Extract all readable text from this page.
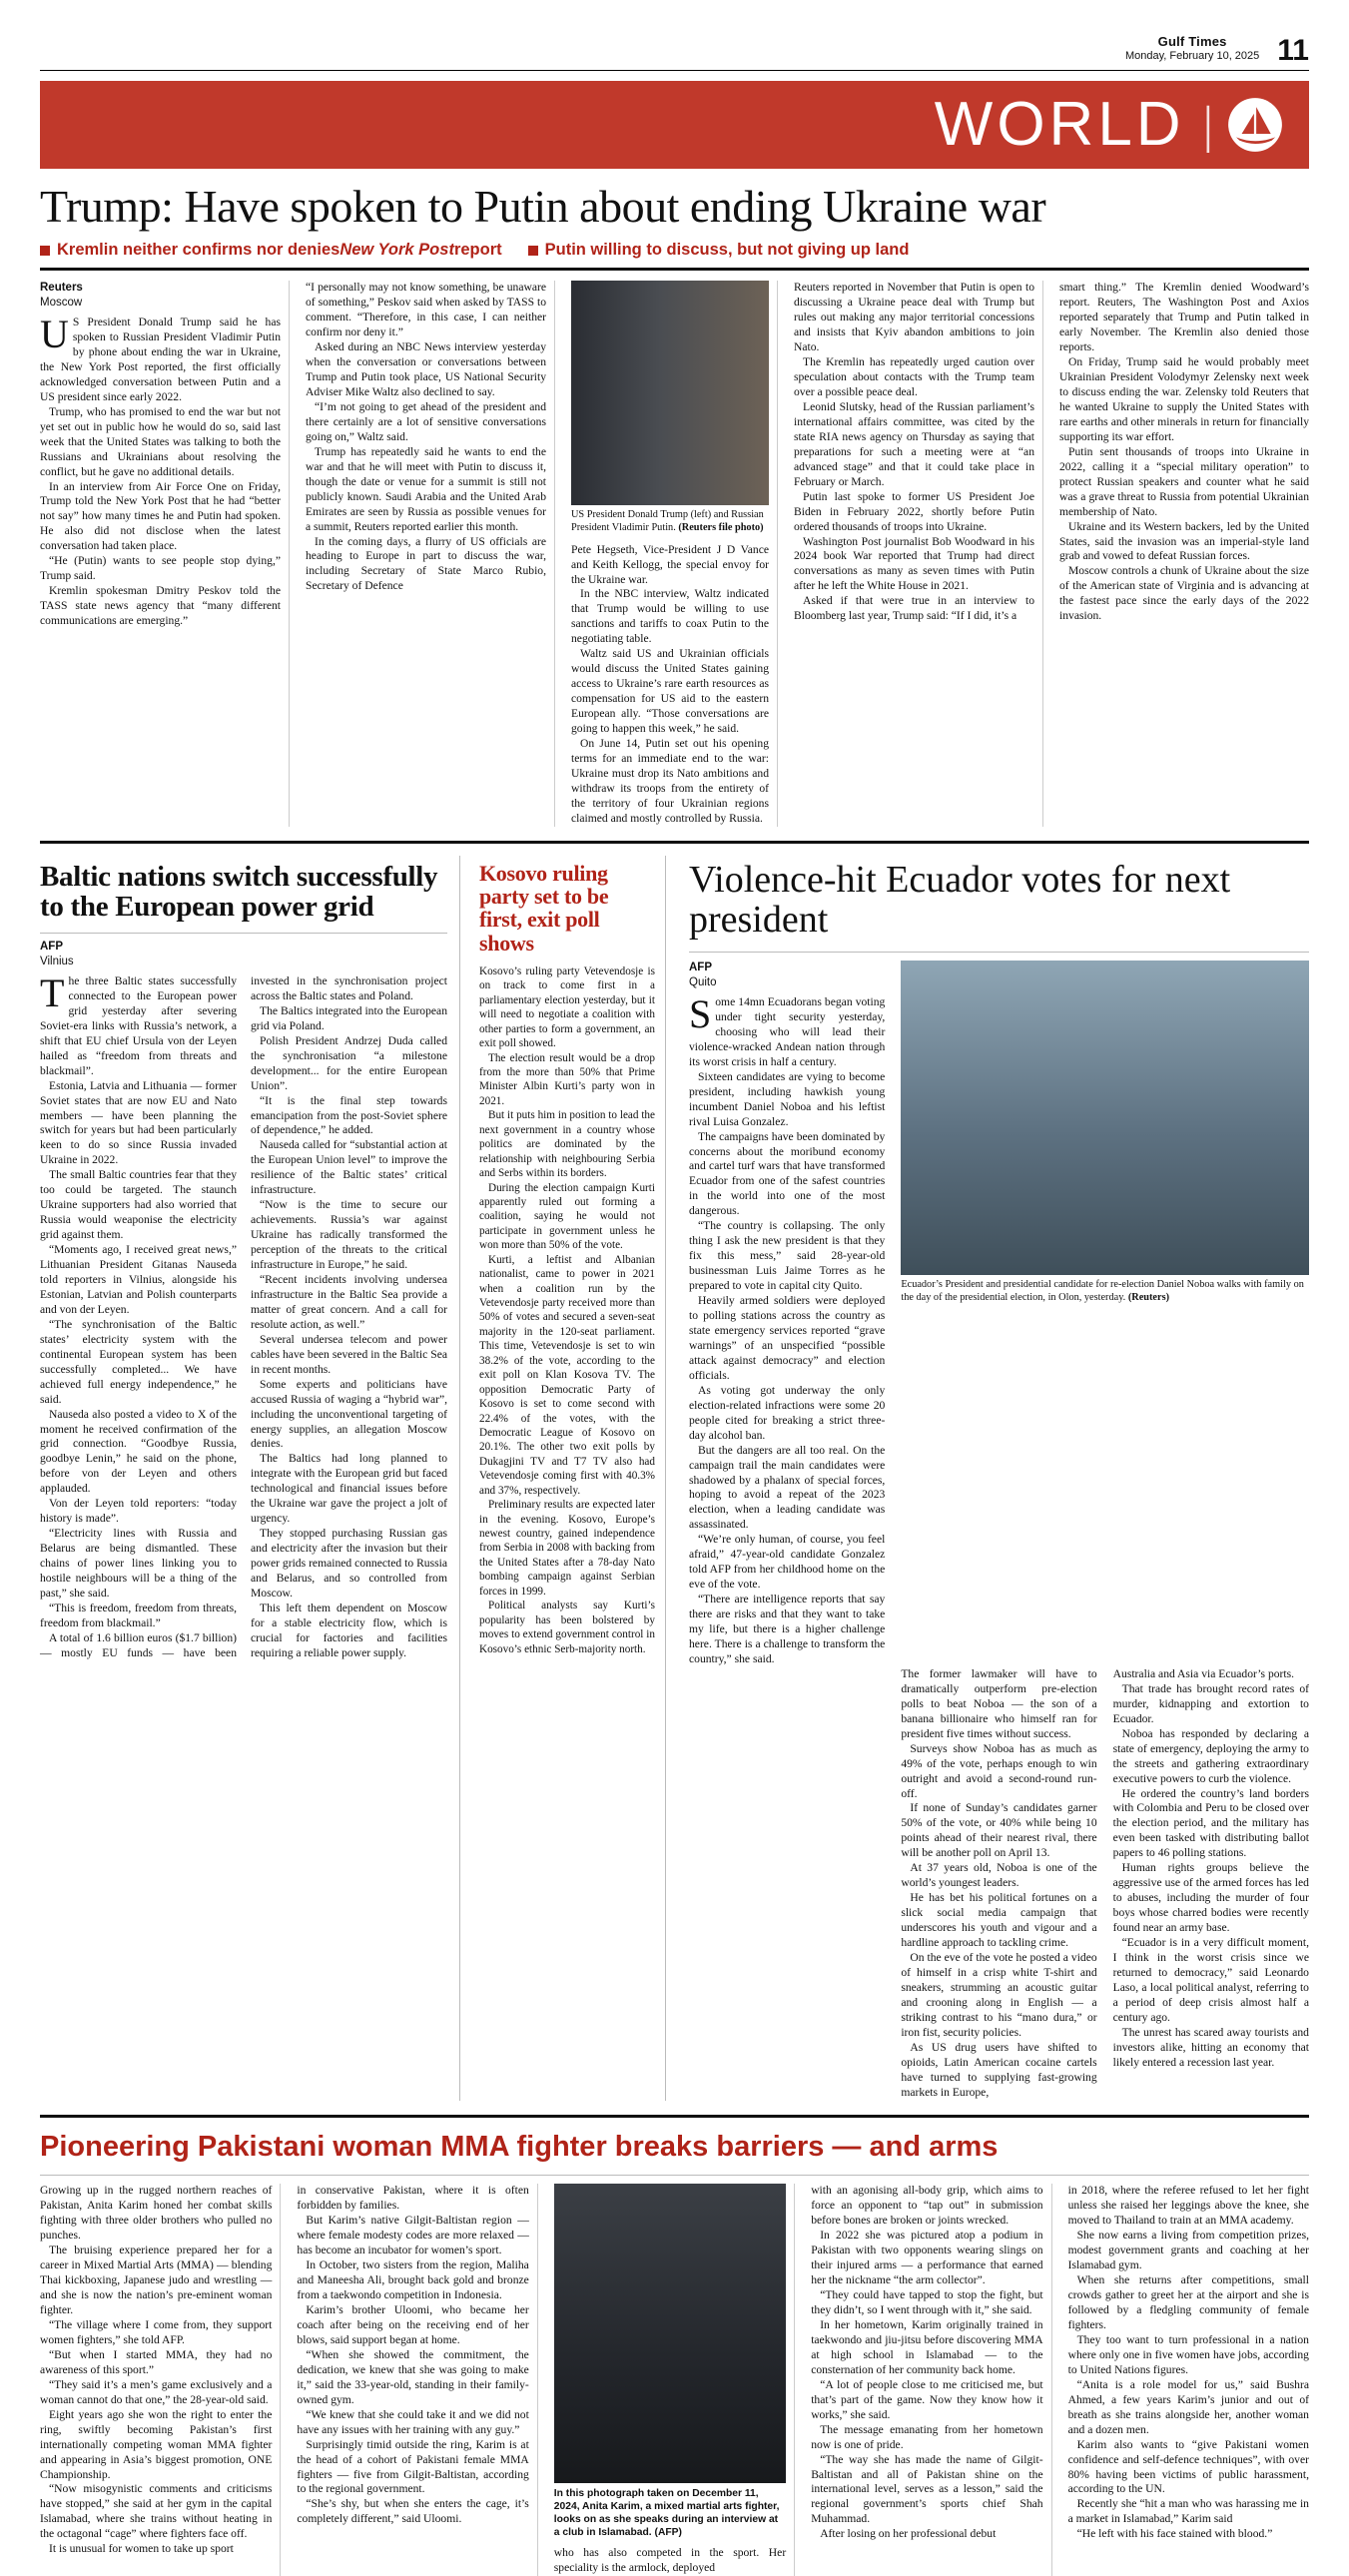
Gulf Times
Monday, February 10, 2025 11
WORLD |
Trump: Have spoken to Putin about ending Ukraine war
Kremlin neither confirms nor denies New York Post report	Putin willing to discuss, but not giving up land
Reuters
Moscow

US President Donald Trump said he has spoken to Russian President Vladimir Putin by phone about ending the war in Ukraine, the New York Post reported, the first officially acknowledged conversation between Putin and a US president since early 2022.

Trump, who has promised to end the war but not yet set out in public how he would do so, said last week that the United States was talking to both the Russians and Ukrainians about resolving the conflict, but he gave no additional details.

In an interview from Air Force One on Friday, Trump told the New York Post that he had “better not say” how many times he and Putin had spoken. He also did not disclose when the latest conversation had taken place.

“He (Putin) wants to see people stop dying,” Trump said.

Kremlin spokesman Dmitry Peskov told the TASS state news agency that “many different communications are emerging.”

“I personally may not know something, be unaware of something,” Peskov said when asked by TASS to comment. “Therefore, in this case, I can neither confirm nor deny it.”

Asked during an NBC News interview yesterday when the conversation or conversations between Trump and Putin took place, US National Security Adviser Mike Waltz also declined to say.

“I’m not going to get ahead of the president and there certainly are a lot of sensitive conversations going on,” Waltz said.

Trump has repeatedly said he wants to end the war and that he will meet with Putin to discuss it, though the date or venue for a summit is still not publicly known. Saudi Arabia and the United Arab Emirates are seen by Russia as possible venues for a summit, Reuters reported earlier this month.

In the coming days, a flurry of US officials are heading to Europe in part to discuss the war, including Secretary of State Marco Rubio, Secretary of Defence

US President Donald Trump (left) and Russian President Vladimir Putin. (Reuters file photo)

Pete Hegseth, Vice-President J D Vance and Keith Kellogg, the special envoy for the Ukraine war.

In the NBC interview, Waltz indicated that Trump would be willing to use sanctions and tariffs to coax Putin to the negotiating table.

Waltz said US and Ukrainian officials would discuss the United States gaining access to Ukraine’s rare earth resources as compensation for US aid to the eastern European ally. “Those conversations are going to happen this week,” he said.

On June 14, Putin set out his opening terms for an immediate end to the war: Ukraine must drop its Nato ambitions and withdraw its troops from the entirety of the territory of four Ukrainian regions claimed and mostly controlled by Russia.

Reuters reported in November that Putin is open to discussing a Ukraine peace deal with Trump but rules out making any major territorial concessions and insists that Kyiv abandon ambitions to join Nato.

The Kremlin has repeatedly urged caution over speculation about contacts with the Trump team over a possible peace deal.

Leonid Slutsky, head of the Russian parliament’s international affairs committee, was cited by the state RIA news agency on Thursday as saying that preparations for such a meeting were at “an advanced stage” and that it could take place in February or March.

Putin last spoke to former US President Joe Biden in February 2022, shortly before Putin ordered thousands of troops into Ukraine.

Washington Post journalist Bob Woodward in his 2024 book War reported that Trump had direct conversations as many as seven times with Putin after he left the White House in 2021.

Asked if that were true in an interview to Bloomberg last year, Trump said: “If I did, it’s a

smart thing.” The Kremlin denied Woodward’s report. Reuters, The Washington Post and Axios reported separately that Trump and Putin talked in early November. The Kremlin also denied those reports.

On Friday, Trump said he would probably meet Ukrainian President Volodymyr Zelensky next week to discuss ending the war. Zelensky told Reuters that he wanted Ukraine to supply the United States with rare earths and other minerals in return for financially supporting its war effort.

Putin sent thousands of troops into Ukraine in 2022, calling it a “special military operation” to protect Russian speakers and counter what he said was a grave threat to Russia from potential Ukrainian membership of Nato.

Ukraine and its Western backers, led by the United States, said the invasion was an imperial-style land grab and vowed to defeat Russian forces.

Moscow controls a chunk of Ukraine about the size of the American state of Virginia and is advancing at the fastest pace since the early days of the 2022 invasion.

Baltic nations switch successfully to the European power grid
AFP
Vilnius

The three Baltic states successfully connected to the European power grid yesterday after severing Soviet-era links with Russia’s network, a shift that EU chief Ursula von der Leyen hailed as “freedom from threats and blackmail”.

Estonia, Latvia and Lithuania — former Soviet states that are now EU and Nato members — have been planning the switch for years but had been particularly keen to do so since Russia invaded Ukraine in 2022.

The small Baltic countries fear that they too could be targeted. The staunch Ukraine supporters had also worried that Russia would weaponise the electricity grid against them.

“Moments ago, I received great news,” Lithuanian President Gitanas Nauseda told reporters in Vilnius, alongside his Estonian, Latvian and Polish counterparts and von der Leyen.

“The synchronisation of the Baltic states’ electricity system with the continental European system has been successfully completed... We have achieved full energy independence,” he said.

Nauseda also posted a video to X of the moment he received confirmation of the grid connection. “Goodbye Russia, goodbye Lenin,” he said on the phone, before von der Leyen and others applauded.

Von der Leyen told reporters: “today history is made”.

“Electricity lines with Russia and Belarus are being dismantled. These chains of power lines linking you to hostile neighbours will be a thing of the past,” she said.

“This is freedom, freedom from threats, freedom from blackmail.”

A total of 1.6 billion euros ($1.7 billion) — mostly EU funds — have been invested in the synchronisation project across the Baltic states and Poland.

The Baltics integrated into the European grid via Poland.

Polish President Andrzej Duda called the synchronisation “a milestone development... for the entire European Union”.

“It is the final step towards emancipation from the post-Soviet sphere of dependence,” he added.

Nauseda called for “substantial action at the European Union level” to improve the resilience of the Baltic states’ critical infrastructure.

“Now is the time to secure our achievements. Russia’s war against Ukraine has radically transformed the perception of the threats to the critical infrastructure in Europe,” he said.

“Recent incidents involving undersea infrastructure in the Baltic Sea provide a matter of great concern. And a call for resolute action, as well.”

Several undersea telecom and power cables have been severed in the Baltic Sea in recent months.

Some experts and politicians have accused Russia of waging a “hybrid war”, including the unconventional targeting of energy supplies, an allegation Moscow denies.

The Baltics had long planned to integrate with the European grid but faced technological and financial issues before the Ukraine war gave the project a jolt of urgency.

They stopped purchasing Russian gas and electricity after the invasion but their power grids remained connected to Russia and Belarus, and so controlled from Moscow.

This left them dependent on Moscow for a stable electricity flow, which is crucial for factories and facilities requiring a reliable power supply.

Kosovo ruling party set to be first, exit poll shows

Kosovo’s ruling party Vetevendosje is on track to come first in a parliamentary election yesterday, but it will need to negotiate a coalition with other parties to form a government, an exit poll showed.

The election result would be a drop from the more than 50% that Prime Minister Albin Kurti’s party won in 2021.

But it puts him in position to lead the next government in a country whose politics are dominated by the relationship with neighbouring Serbia and Serbs within its borders.

During the election campaign Kurti apparently ruled out forming a coalition, saying he would not participate in government unless he won more than 50% of the vote.

Kurti, a leftist and Albanian nationalist, came to power in 2021 when a coalition run by the Vetevendosje party received more than 50% of votes and secured a seven-seat majority in the 120-seat parliament. This time, Vetevendosje is set to win 38.2% of the vote, according to the exit poll on Klan Kosova TV. The opposition Democratic Party of Kosovo is set to come second with 22.4% of the votes, with the Democratic League of Kosovo on 20.1%. The other two exit polls by Dukagjini TV and T7 TV also had Vetevendosje coming first with 40.3% and 37%, respectively.

Preliminary results are expected later in the evening. Kosovo, Europe’s newest country, gained independence from Serbia in 2008 with backing from the United States after a 78-day Nato bombing campaign against Serbian forces in 1999.

Political analysts say Kurti’s popularity has been bolstered by moves to extend government control in Kosovo’s ethnic Serb-majority north.

Violence-hit Ecuador votes for next president
AFP
Quito

Some 14mn Ecuadorans began voting under tight security yesterday, choosing who will lead their violence-wracked Andean nation through its worst crisis in half a century.

Sixteen candidates are vying to become president, including hawkish young incumbent Daniel Noboa and his leftist rival Luisa Gonzalez.

The campaigns have been dominated by concerns about the moribund economy and cartel turf wars that have transformed Ecuador from one of the safest countries in the world into one of the most dangerous.

“The country is collapsing. The only thing I ask the new president is that they fix this mess,” said 28-year-old businessman Luis Jaime Torres as he prepared to vote in capital city Quito.

Heavily armed soldiers were deployed to polling stations across the country as state emergency services reported “grave warnings” of an unspecified “possible attack against democracy” and election officials.

As voting got underway the only election-related infractions were some 20 people cited for breaking a strict three-day alcohol ban.

But the dangers are all too real. On the campaign trail the main candidates were shadowed by a phalanx of special forces, hoping to avoid a repeat of the 2023 election, when a leading candidate was assassinated.

“We’re only human, of course, you feel afraid,” 47-year-old candidate Gonzalez told AFP from her childhood home on the eve of the vote.

“There are intelligence reports that say there are risks and that they want to take my life, but there is a higher challenge here. There is a challenge to transform the country,” she said.

Ecuador’s President and presidential candidate for re-election Daniel Noboa walks with family on the day of the presidential election, in Olon, yesterday. (Reuters)

The former lawmaker will have to dramatically outperform pre-election polls to beat Noboa — the son of a banana billionaire who himself ran for president five times without success.

Surveys show Noboa has as much as 49% of the vote, perhaps enough to win outright and avoid a second-round run-off.

If none of Sunday’s candidates garner 50% of the vote, or 40% while being 10 points ahead of their nearest rival, there will be another poll on April 13.

At 37 years old, Noboa is one of the world’s youngest leaders.

He has bet his political fortunes on a slick social media campaign that underscores his youth and vigour and a hardline approach to tackling crime.

On the eve of the vote he posted a video of himself in a crisp white T-shirt and sneakers, strumming an acoustic guitar and crooning along in English — a striking contrast to his “mano dura,” or iron fist, security policies.

As US drug users have shifted to opioids, Latin American cocaine cartels have turned to supplying fast-growing markets in Europe,

Australia and Asia via Ecuador’s ports.

That trade has brought record rates of murder, kidnapping and extortion to Ecuador.

Noboa has responded by declaring a state of emergency, deploying the army to the streets and gathering extraordinary executive powers to curb the violence.

He ordered the country’s land borders with Colombia and Peru to be closed over the election period, and the military has even been tasked with distributing ballot papers to 46 polling stations.

Human rights groups believe the aggressive use of the armed forces has led to abuses, including the murder of four boys whose charred bodies were recently found near an army base.

“Ecuador is in a very difficult moment, I think in the worst crisis since we returned to democracy,” said Leonardo Laso, a local political analyst, referring to a period of deep crisis almost half a century ago.

The unrest has scared away tourists and investors alike, hitting an economy that likely entered a recession last year.

Pioneering Pakistani woman MMA fighter breaks barriers — and arms

Growing up in the rugged northern reaches of Pakistan, Anita Karim honed her combat skills fighting with three older brothers who pulled no punches.

The bruising experience prepared her for a career in Mixed Martial Arts (MMA) — blending Thai kickboxing, Japanese judo and wrestling — and she is now the nation’s pre-eminent woman fighter.

“The village where I come from, they support women fighters,” she told AFP.

“But when I started MMA, they had no awareness of this sport.”

“They said it’s a men’s game exclusively and a woman cannot do that one,” the 28-year-old said.

Eight years ago she won the right to enter the ring, swiftly becoming Pakistan’s first internationally competing woman MMA fighter and appearing in Asia’s biggest promotion, ONE Championship.

“Now misogynistic comments and criticisms have stopped,” she said at her gym in the capital Islamabad, where she trains without heating in the octagonal “cage” where fighters face off.

It is unusual for women to take up sport

in conservative Pakistan, where it is often forbidden by families.

But Karim’s native Gilgit-Baltistan region — where female modesty codes are more relaxed — has become an incubator for women’s sport.

In October, two sisters from the region, Maliha and Maneesha Ali, brought back gold and bronze from a taekwondo competition in Indonesia.

Karim’s brother Uloomi, who became her coach after being on the receiving end of her blows, said support began at home.

“When she showed the commitment, the dedication, we knew that she was going to make it,” said the 33-year-old, standing in their family-owned gym.

“We knew that she could take it and we did not have any issues with her training with any guy.”

Surprisingly timid outside the ring, Karim is at the head of a cohort of Pakistani female MMA fighters — five from Gilgit-Baltistan, according to the regional government.

“She’s shy, but when she enters the cage, it’s completely different,” said Uloomi.

In this photograph taken on December 11, 2024, Anita Karim, a mixed martial arts fighter, looks on as she speaks during an interview at a club in Islamabad. (AFP)

who has also competed in the sport. Her speciality is the armlock, deployed

with an agonising all-body grip, which aims to force an opponent to “tap out” in submission before bones are broken or joints wrecked.

In 2022 she was pictured atop a podium in Pakistan with two opponents wearing slings on their injured arms — a performance that earned her the nickname “the arm collector”.

“They could have tapped to stop the fight, but they didn’t, so I went through with it,” she said.

In her hometown, Karim originally trained in taekwondo and jiu-jitsu before discovering MMA at high school in Islamabad — to the consternation of her community back home.

“A lot of people close to me criticised me, but that’s part of the game. Now they know how it works,” she said.

The message emanating from her hometown now is one of pride.

“The way she has made the name of Gilgit-Baltistan and all of Pakistan shine on the international level, serves as a lesson,” said the regional government’s sports chief Shah Muhammad.

After losing on her professional debut

in 2018, where the referee refused to let her fight unless she raised her leggings above the knee, she moved to Thailand to train at an MMA academy.

She now earns a living from competition prizes, modest government grants and coaching at her Islamabad gym.

When she returns after competitions, small crowds gather to greet her at the airport and she is followed by a fledgling community of female fighters.

They too want to turn professional in a nation where only one in five women have jobs, according to United Nations figures.

“Anita is a role model for us,” said Bushra Ahmed, a few years Karim’s junior and out of breath as she trains alongside her, another woman and a dozen men.

Karim also wants to “give Pakistani women confidence and self-defence techniques”, with over 80% having been victims of public harassment, according to the UN.

Recently she “hit a man who was harassing me in a market in Islamabad,” Karim said

“He left with his face stained with blood.”
